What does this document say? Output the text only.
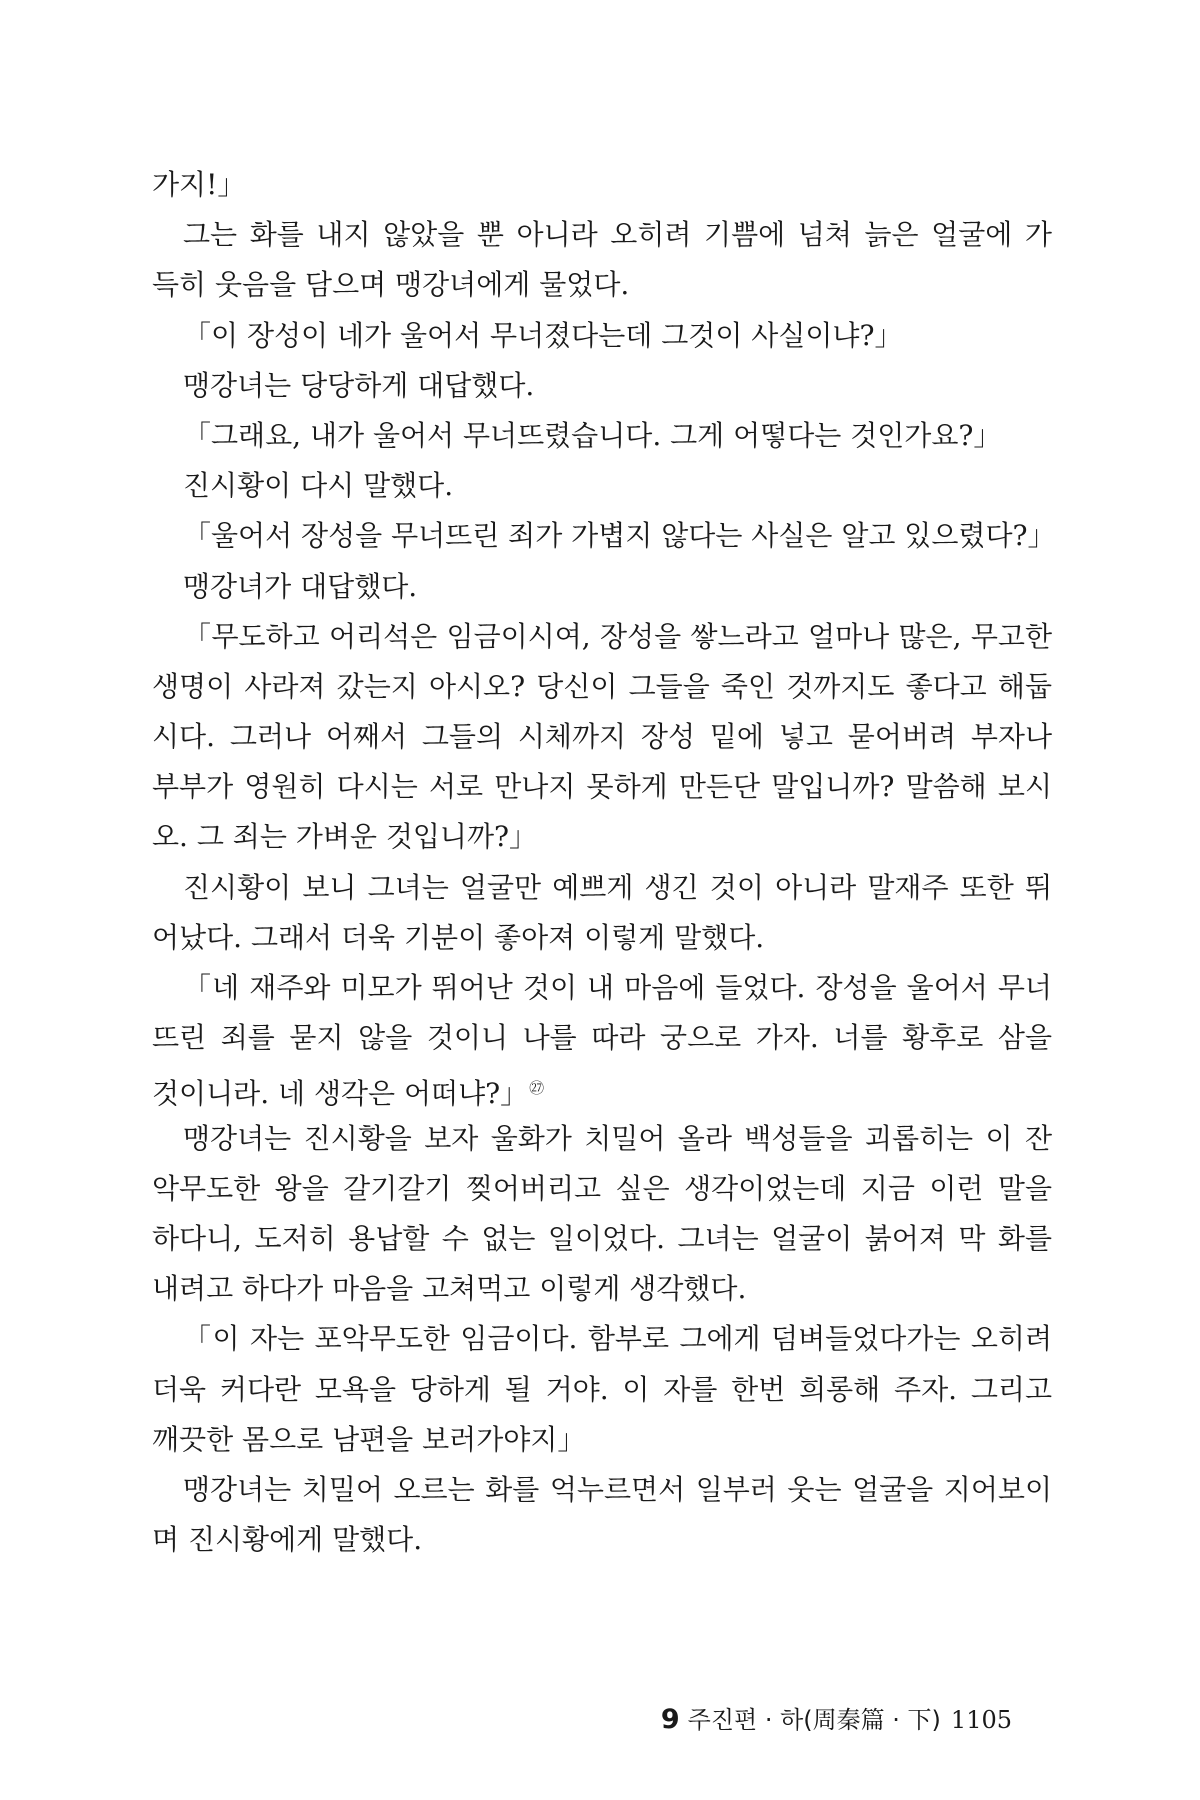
가지!」
그는 화를 내지 않았을 뿐 아니라 오히려 기쁨에 넘쳐 늙은 얼굴에 가
득히 웃음을 담으며 맹강녀에게 물었다.
「이 장성이 네가 울어서 무너졌다는데 그것이 사실이냐?」
맹강녀는 당당하게 대답했다.
「그래요, 내가 울어서 무너뜨렸습니다. 그게 어떻다는 것인가요?」
진시황이 다시 말했다.
「울어서 장성을 무너뜨린 죄가 가볍지 않다는 사실은 알고 있으렸다?」
맹강녀가 대답했다.
「무도하고 어리석은 임금이시여, 장성을 쌓느라고 얼마나 많은, 무고한
생명이 사라져 갔는지 아시오? 당신이 그들을 죽인 것까지도 좋다고 해둡
시다. 그러나 어째서 그들의 시체까지 장성 밑에 넣고 묻어버려 부자나
부부가 영원히 다시는 서로 만나지 못하게 만든단 말입니까? 말씀해 보시
오. 그 죄는 가벼운 것입니까?」
진시황이 보니 그녀는 얼굴만 예쁘게 생긴 것이 아니라 말재주 또한 뛰
어났다. 그래서 더욱 기분이 좋아져 이렇게 말했다.
「네 재주와 미모가 뛰어난 것이 내 마음에 들었다. 장성을 울어서 무너
뜨린 죄를 묻지 않을 것이니 나를 따라 궁으로 가자. 너를 황후로 삼을
것이니라. 네 생각은 어떠냐?」$^㉗$
맹강녀는 진시황을 보자 울화가 치밀어 올라 백성들을 괴롭히는 이 잔
악무도한 왕을 갈기갈기 찢어버리고 싶은 생각이었는데 지금 이런 말을
하다니, 도저히 용납할 수 없는 일이었다. 그녀는 얼굴이 붉어져 막 화를
내려고 하다가 마음을 고쳐먹고 이렇게 생각했다.
「이 자는 포악무도한 임금이다. 함부로 그에게 덤벼들었다가는 오히려
더욱 커다란 모욕을 당하게 될 거야. 이 자를 한번 희롱해 주자. 그리고
깨끗한 몸으로 남편을 보러가야지」
맹강녀는 치밀어 오르는 화를 억누르면서 일부러 웃는 얼굴을 지어보이
며 진시황에게 말했다.
9 주진편 · 하(周秦篇 · 下) 1105
